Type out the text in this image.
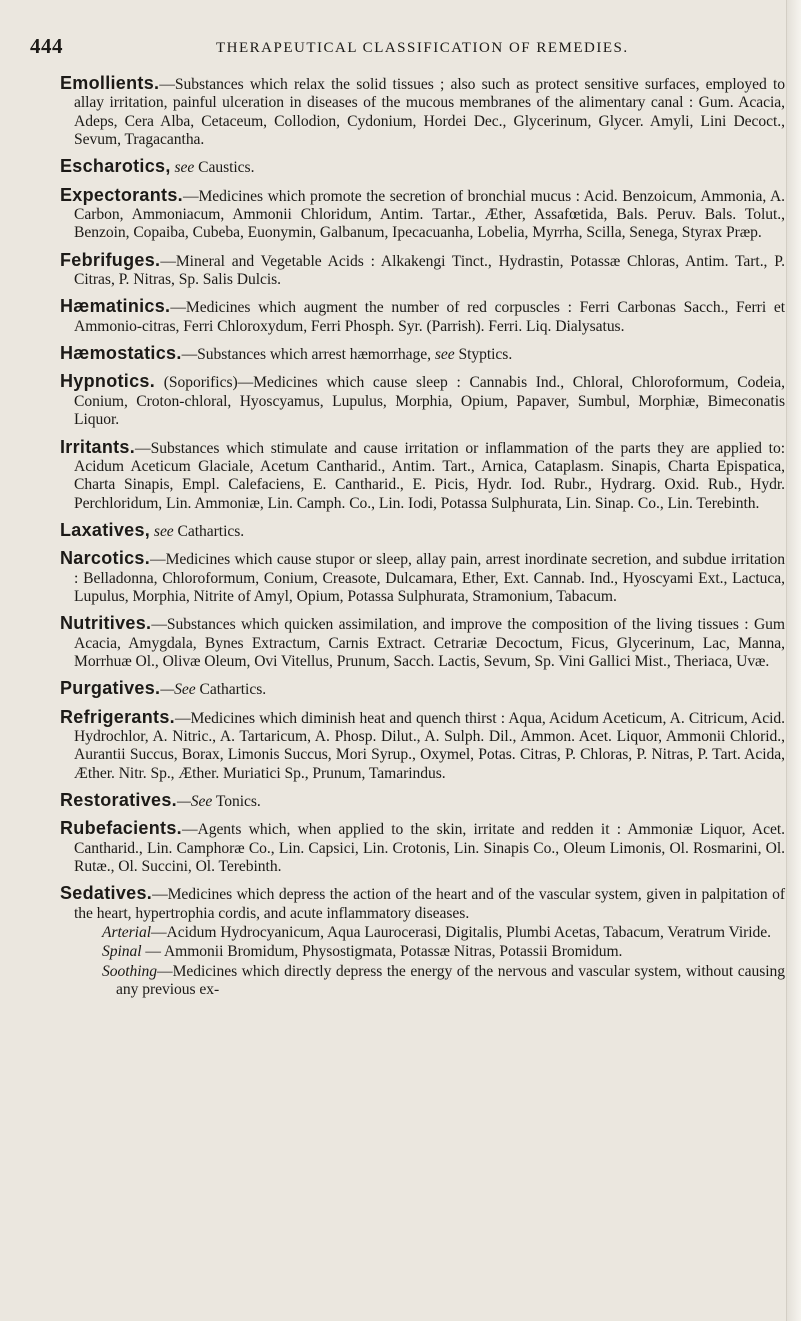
444	THERAPEUTICAL CLASSIFICATION OF REMEDIES.

Emollients.—Substances which relax the solid tissues ; also such as protect sensitive surfaces, employed to allay irritation, painful ulceration in diseases of the mucous membranes of the alimentary canal : Gum. Acacia, Adeps, Cera Alba, Cetaceum, Collodion, Cydonium, Hordei Dec., Glycerinum, Glycer. Amyli, Lini Decoct., Sevum, Tragacantha.

Escharotics, see Caustics.

Expectorants.—Medicines which promote the secretion of bronchial mucus : Acid. Benzoicum, Ammonia, A. Carbon, Ammoniacum, Ammonii Chloridum, Antim. Tartar., Æther, Assafœtida, Bals. Peruv. Bals. Tolut., Benzoin, Copaiba, Cubeba, Euonymin, Galbanum, Ipecacuanha, Lobelia, Myrrha, Scilla, Senega, Styrax Præp.

Febrifuges.—Mineral and Vegetable Acids : Alkakengi Tinct., Hydrastin, Potassæ Chloras, Antim. Tart., P. Citras, P. Nitras, Sp. Salis Dulcis.

Hæmatinics.—Medicines which augment the number of red corpuscles : Ferri Carbonas Sacch., Ferri et Ammonio-citras, Ferri Chloroxydum, Ferri Phosph. Syr. (Parrish). Ferri. Liq. Dialysatus.

Hæmostatics.—Substances which arrest hæmorrhage, see Styptics.

Hypnotics. (Soporifics)—Medicines which cause sleep : Cannabis Ind., Chloral, Chloroformum, Codeia, Conium, Croton-chloral, Hyoscyamus, Lupulus, Morphia, Opium, Papaver, Sumbul, Morphiæ, Bimeconatis Liquor.

Irritants.—Substances which stimulate and cause irritation or inflammation of the parts they are applied to: Acidum Aceticum Glaciale, Acetum Cantharid., Antim. Tart., Arnica, Cataplasm. Sinapis, Charta Epispatica, Charta Sinapis, Empl. Calefaciens, E. Cantharid., E. Picis, Hydr. Iod. Rubr., Hydrarg. Oxid. Rub., Hydr. Perchloridum, Lin. Ammoniæ, Lin. Camph. Co., Lin. Iodi, Potassa Sulphurata, Lin. Sinap. Co., Lin. Terebinth.

Laxatives, see Cathartics.

Narcotics.—Medicines which cause stupor or sleep, allay pain, arrest inordinate secretion, and subdue irritation : Belladonna, Chloroformum, Conium, Creasote, Dulcamara, Ether, Ext. Cannab. Ind., Hyoscyami Ext., Lactuca, Lupulus, Morphia, Nitrite of Amyl, Opium, Potassa Sulphurata, Stramonium, Tabacum.

Nutritives.—Substances which quicken assimilation, and improve the composition of the living tissues : Gum Acacia, Amygdala, Bynes Extractum, Carnis Extract. Cetrariæ Decoctum, Ficus, Glycerinum, Lac, Manna, Morrhuæ Ol., Olivæ Oleum, Ovi Vitellus, Prunum, Sacch. Lactis, Sevum, Sp. Vini Gallici Mist., Theriaca, Uvæ.

Purgatives.—See Cathartics.

Refrigerants.—Medicines which diminish heat and quench thirst : Aqua, Acidum Aceticum, A. Citricum, Acid. Hydrochlor, A. Nitric., A. Tartaricum, A. Phosp. Dilut., A. Sulph. Dil., Ammon. Acet. Liquor, Ammonii Chlorid., Aurantii Succus, Borax, Limonis Succus, Mori Syrup., Oxymel, Potas. Citras, P. Chloras, P. Nitras, P. Tart. Acida, Æther. Nitr. Sp., Æther. Muriatici Sp., Prunum, Tamarindus.

Restoratives.—See Tonics.

Rubefacients.—Agents which, when applied to the skin, irritate and redden it : Ammoniæ Liquor, Acet. Cantharid., Lin. Camphoræ Co., Lin. Capsici, Lin. Crotonis, Lin. Sinapis Co., Oleum Limonis, Ol. Rosmarini, Ol. Rutæ., Ol. Succini, Ol. Terebinth.

Sedatives.—Medicines which depress the action of the heart and of the vascular system, given in palpitation of the heart, hypertrophia cordis, and acute inflammatory diseases.

Arterial—Acidum Hydrocyanicum, Aqua Laurocerasi, Digitalis, Plumbi Acetas, Tabacum, Veratrum Viride.

Spinal — Ammonii Bromidum, Physostigmata, Potassæ Nitras, Potassii Bromidum.

Soothing—Medicines which directly depress the energy of the nervous and vascular system, without causing any previous ex-
